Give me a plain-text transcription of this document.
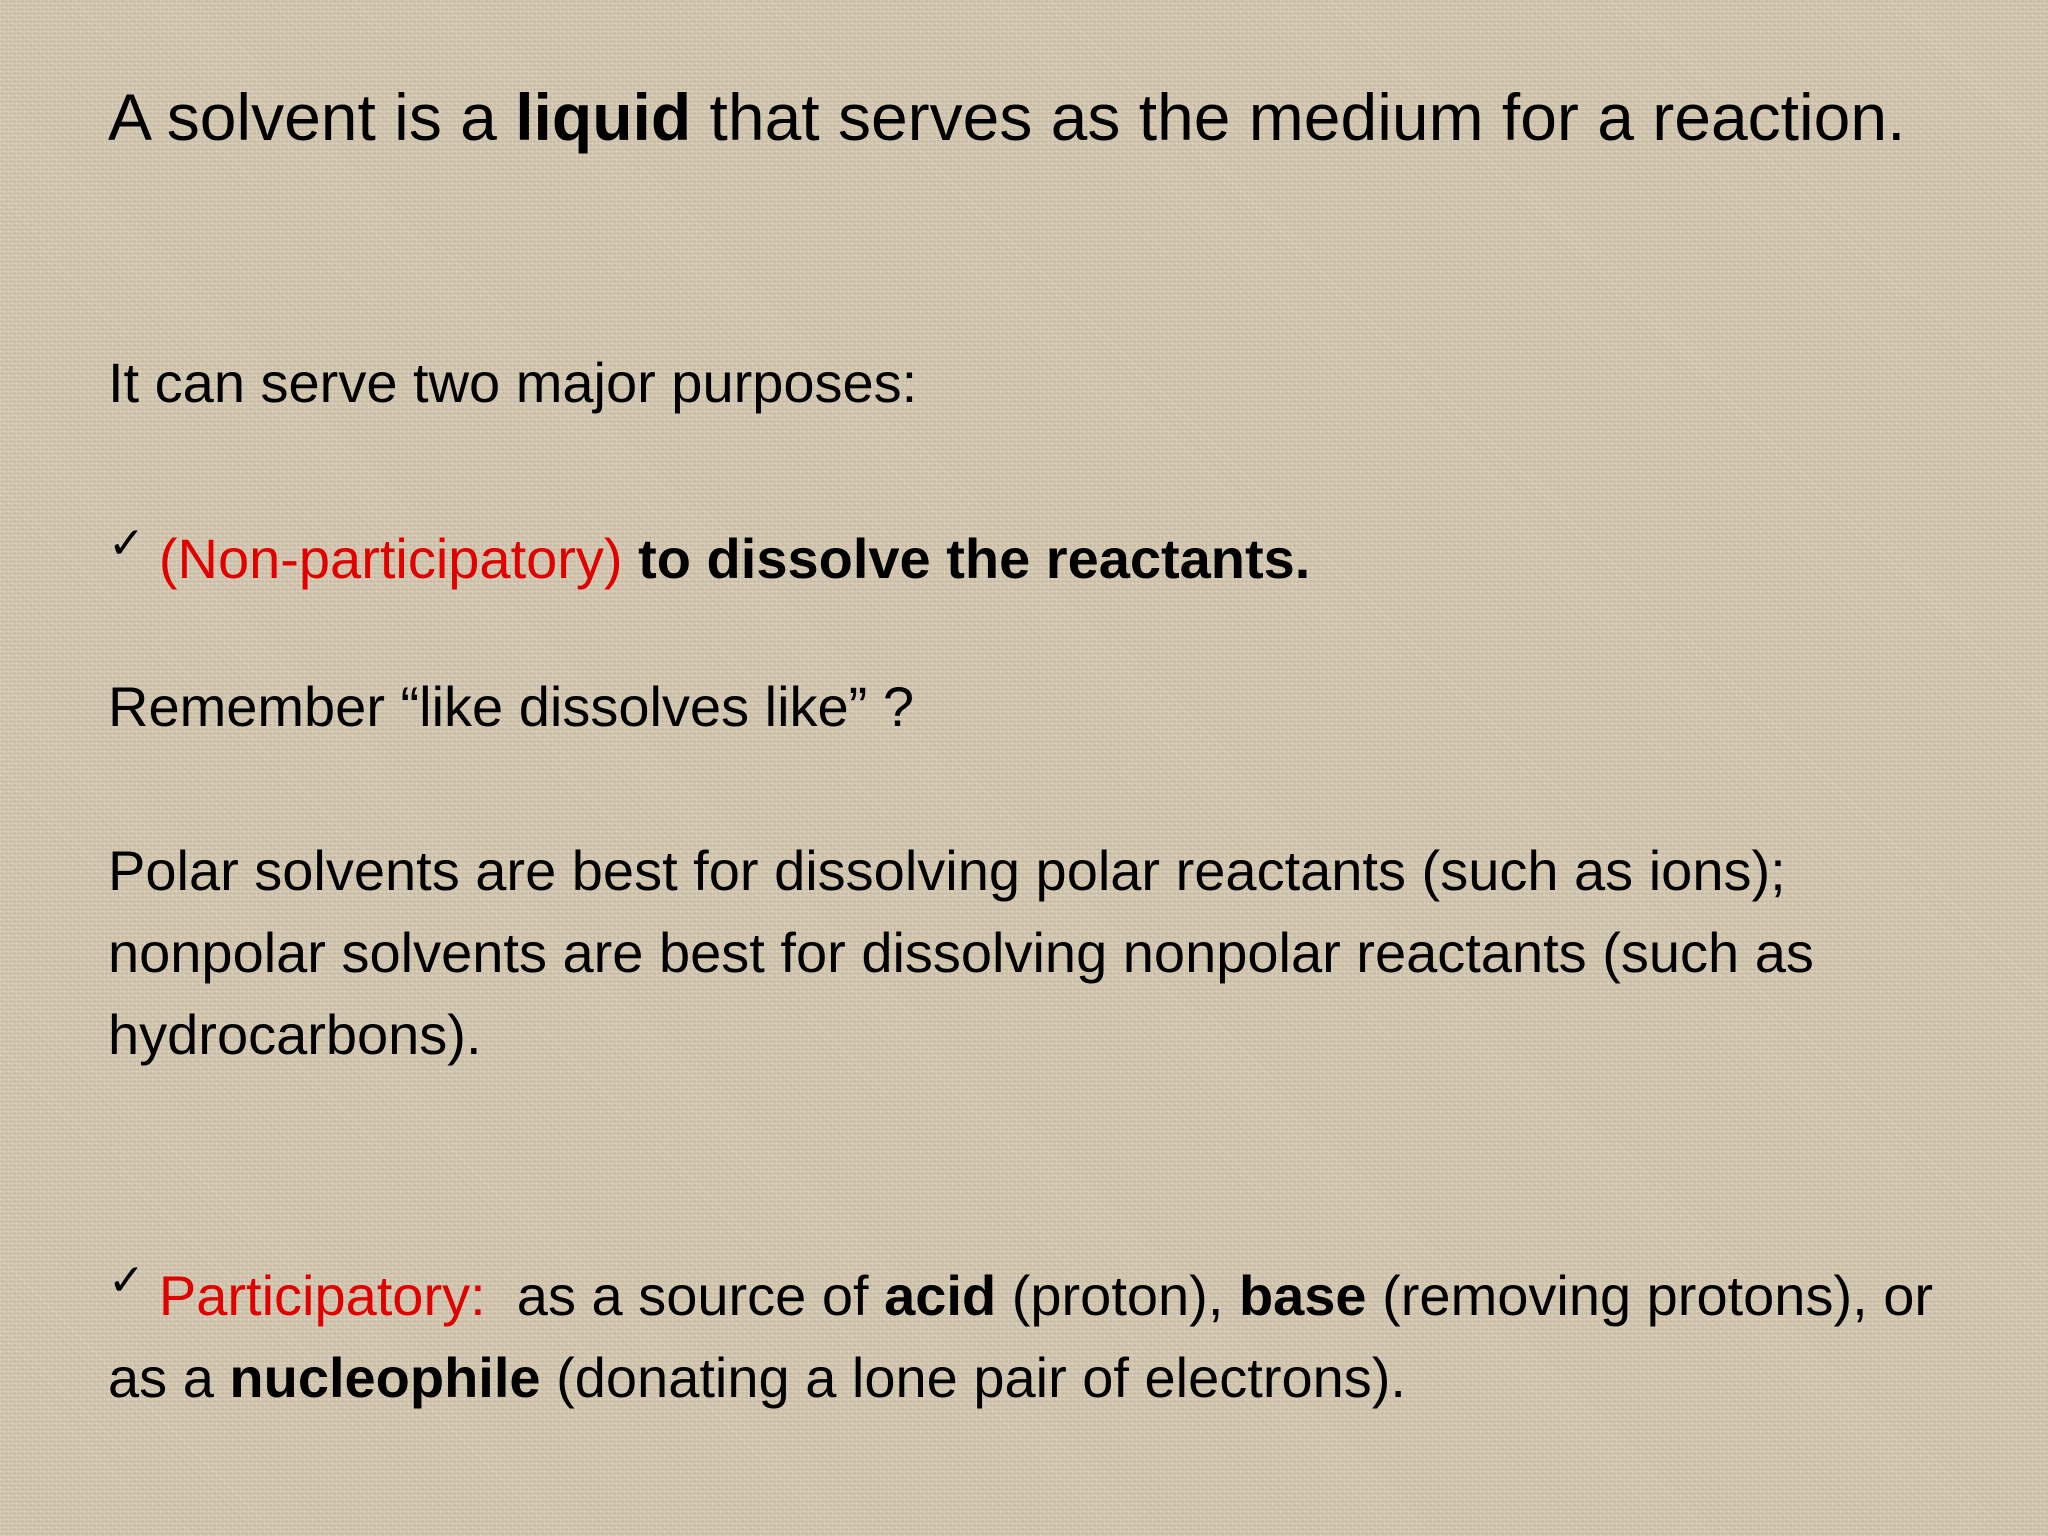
A solvent is a liquid that serves as the medium for a reaction.

It can serve two major purposes:

✓ (Non-participatory) to dissolve the reactants.

Remember “like dissolves like” ?

Polar solvents are best for dissolving polar reactants (such as ions);
nonpolar solvents are best for dissolving nonpolar reactants (such as hydrocarbons).

✓ Participatory: as a source of acid (proton), base (removing protons), or as a nucleophile (donating a lone pair of electrons).
